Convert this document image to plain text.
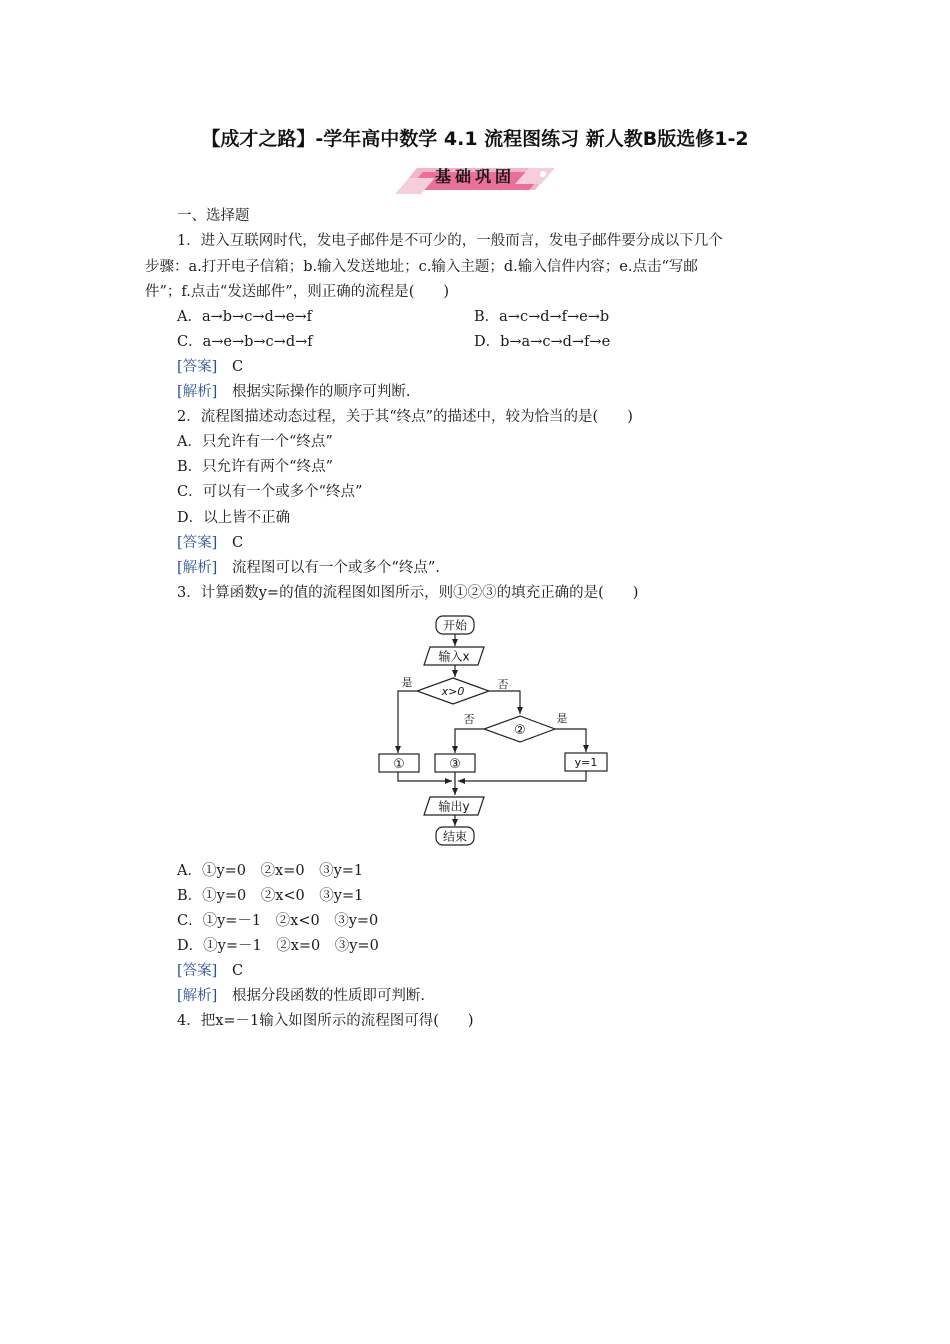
【成才之路】-学年高中数学 4.1 流程图练习 新人教B版选修1-2
基础巩固
一、选择题
1．进入互联网时代，发电子邮件是不可少的，一般而言，发电子邮件要分成以下几个
步骤：a.打开电子信箱；b.输入发送地址；c.输入主题；d.输入信件内容；e.点击“写邮
件”；f.点击“发送邮件”，则正确的流程是(　　)
A．a→b→c→d→e→f	B．a→c→d→f→e→b
C．a→e→b→c→d→f	D．b→a→c→d→f→e
[答案] C
[解析] 根据实际操作的顺序可判断.
2．流程图描述动态过程，关于其“终点”的描述中，较为恰当的是(　　)
A．只允许有一个“终点”
B．只允许有两个“终点”
C．可以有一个或多个“终点”
D．以上皆不正确
[答案] C
[解析] 流程图可以有一个或多个“终点”.
3．计算函数y=的值的流程图如图所示，则①②③的填充正确的是(　　)
开始
输入x
x>0
是	否
②
是
否
①	③	y=1
输出y
结束
A．①y=0　②x=0　③y=1
B．①y=0　②x<0　③y=1
C．①y=－1　②x<0　③y=0
D．①y=－1　②x=0　③y=0
[答案] C
[解析] 根据分段函数的性质即可判断.
4．把x=－1输入如图所示的流程图可得(　　)
